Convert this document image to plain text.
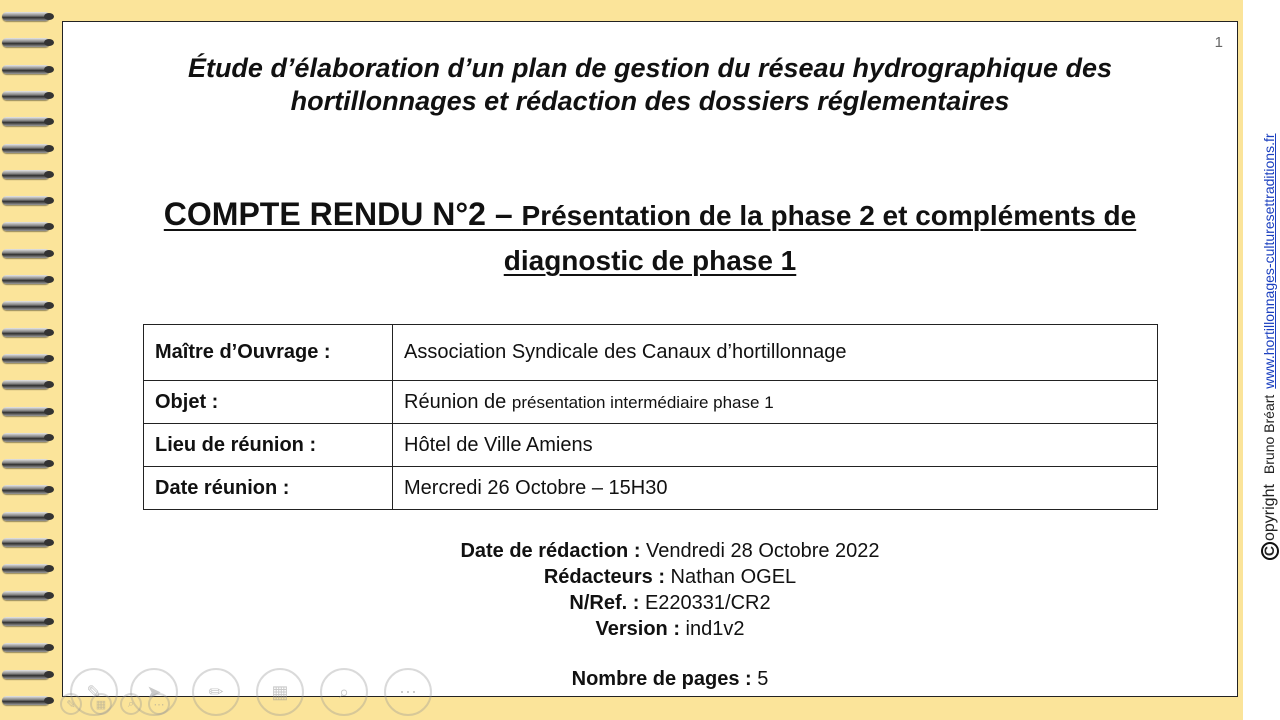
1
Étude d’élaboration d’un plan de gestion du réseau hydrographique des
hortillonnages et rédaction des dossiers réglementaires
COMPTE RENDU N°2 – Présentation de la phase 2 et compléments de
diagnostic de phase 1
Maître d’Ouvrage :	Association Syndicale des Canaux d’hortillonnage
Objet :	Réunion de présentation intermédiaire phase 1
Lieu de réunion :	Hôtel de Ville Amiens
Date réunion :	Mercredi 26 Octobre – 15H30
Date de rédaction : Vendredi 28 Octobre 2022
Rédacteurs : Nathan OGEL
N/Ref. : E220331/CR2
Version : ind1v2
Nombre de pages : 5
✎	➤	✏	▦	⌕	⋯
✎	▦	⌕	⋯
CopyrightBruno Bréartwww.hortillonnages-culturesettraditions.fr
